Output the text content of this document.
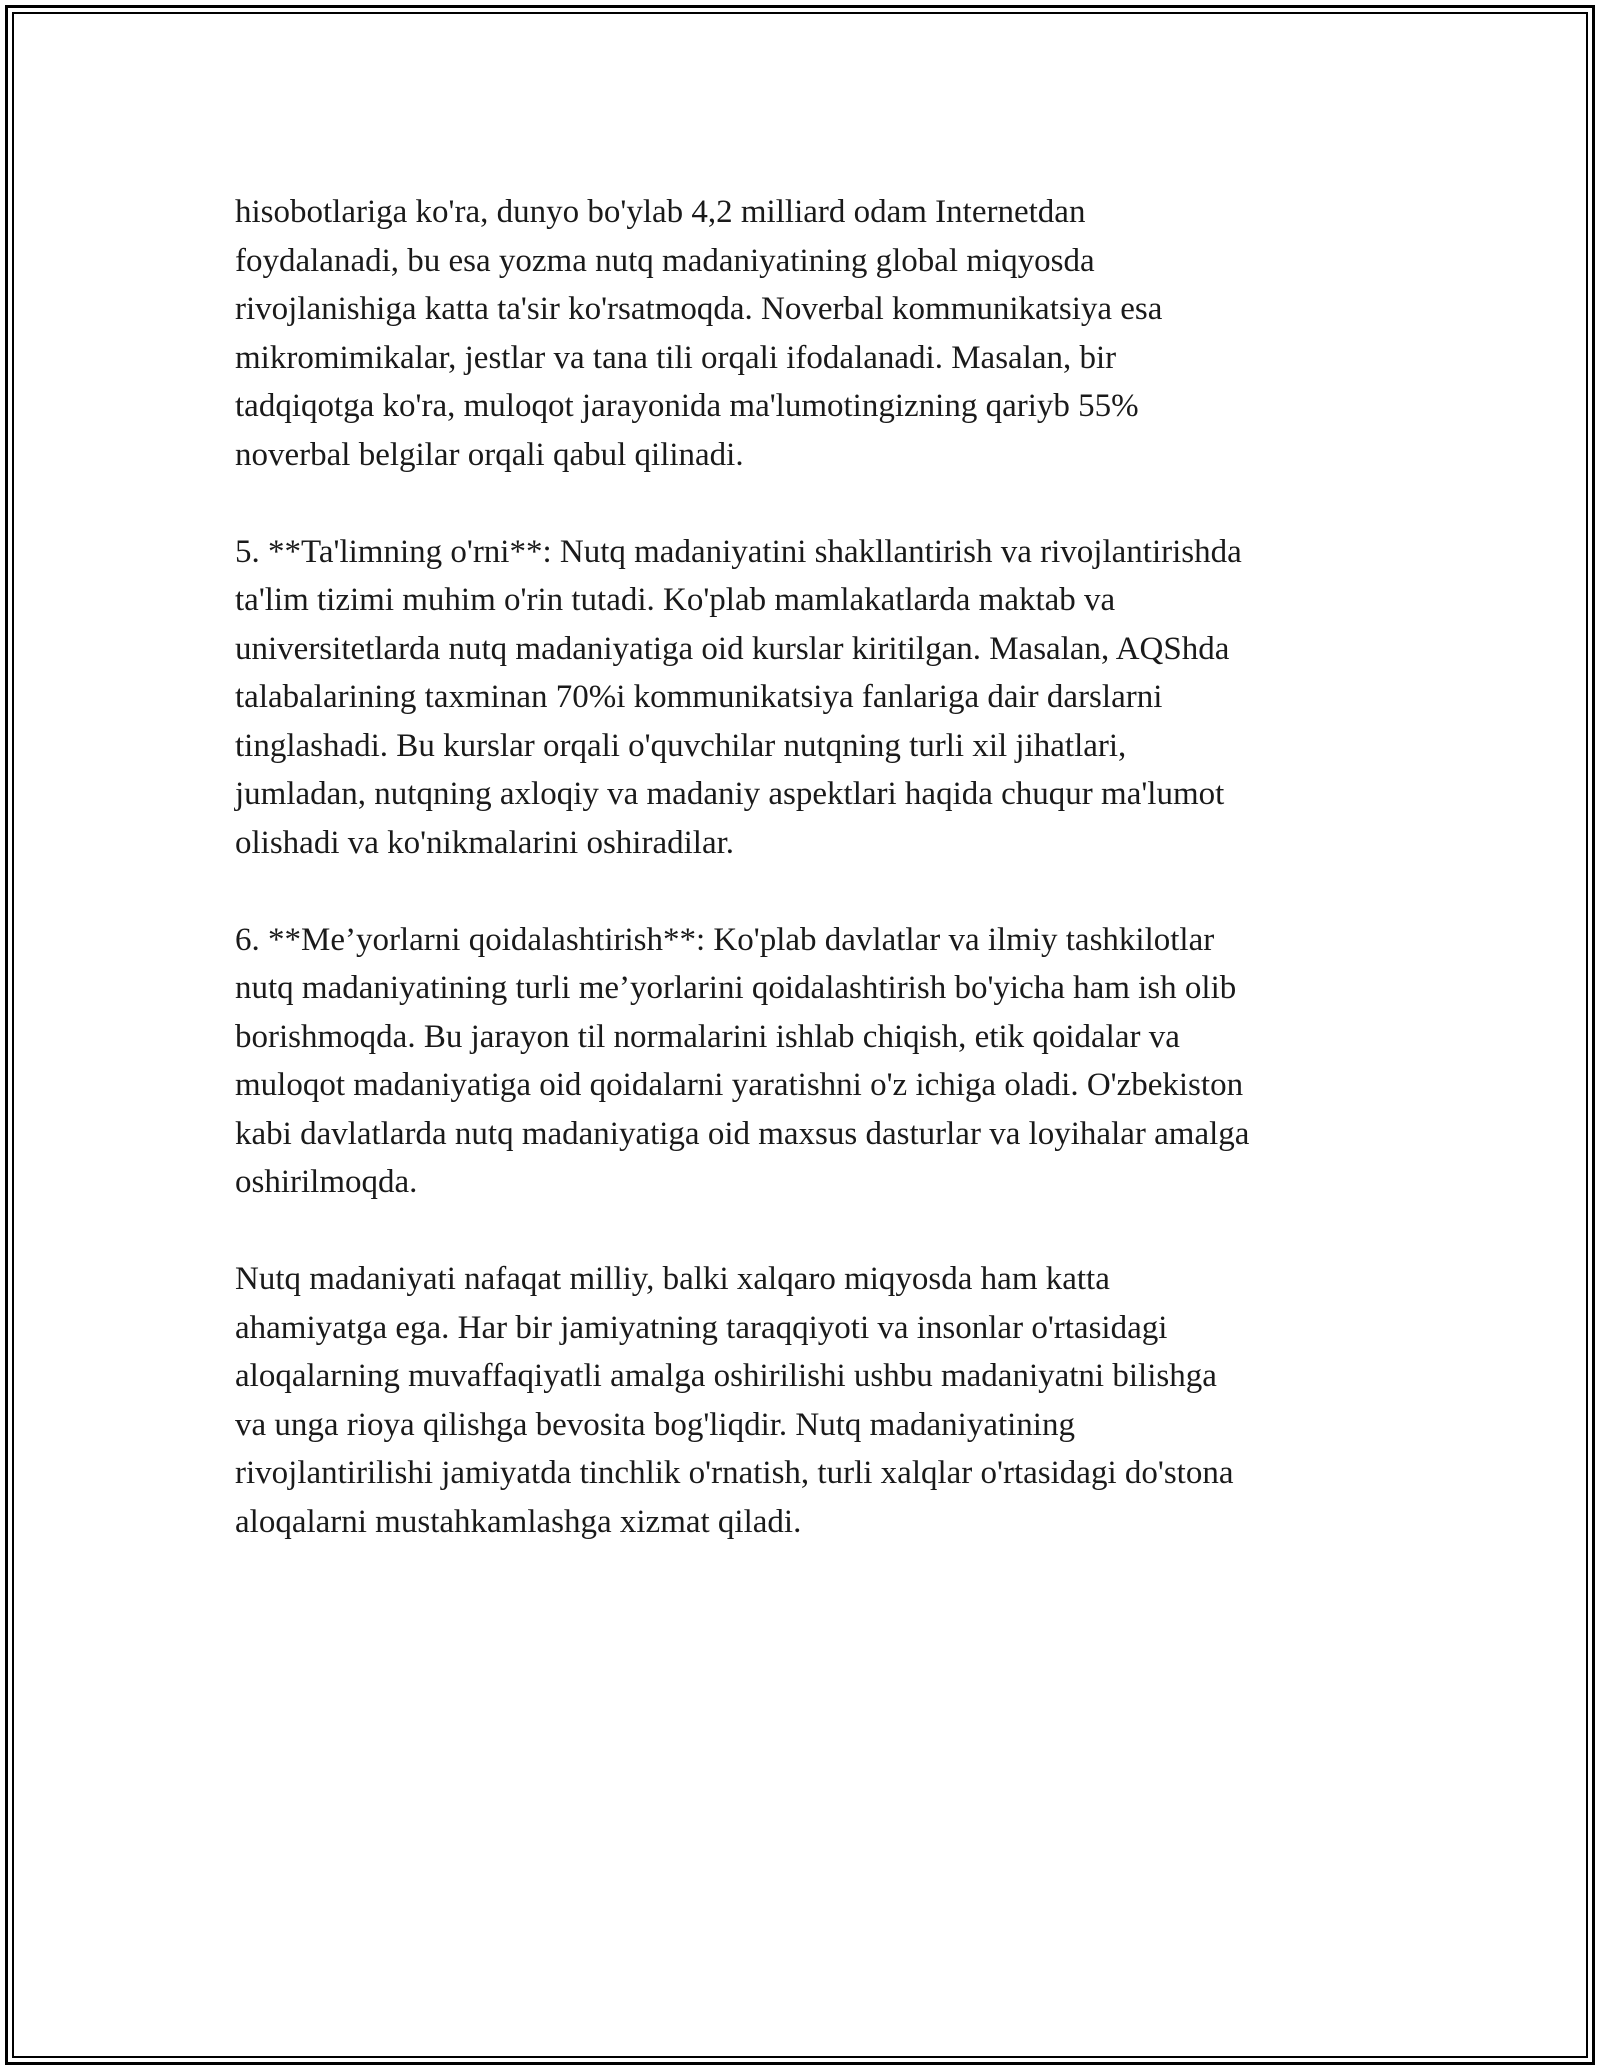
hisobotlariga ko'ra, dunyo bo'ylab 4,2 milliard odam Internetdan
foydalanadi, bu esa yozma nutq madaniyatining global miqyosda
rivojlanishiga katta ta'sir ko'rsatmoqda. Noverbal kommunikatsiya esa
mikromimikalar, jestlar va tana tili orqali ifodalanadi. Masalan, bir
tadqiqotga ko'ra, muloqot jarayonida ma'lumotingizning qariyb 55%
noverbal belgilar orqali qabul qilinadi.

5. **Ta'limning o'rni**: Nutq madaniyatini shakllantirish va rivojlantirishda
ta'lim tizimi muhim o'rin tutadi. Ko'plab mamlakatlarda maktab va
universitetlarda nutq madaniyatiga oid kurslar kiritilgan. Masalan, AQShda
talabalarining taxminan 70%i kommunikatsiya fanlariga dair darslarni
tinglashadi. Bu kurslar orqali o'quvchilar nutqning turli xil jihatlari,
jumladan, nutqning axloqiy va madaniy aspektlari haqida chuqur ma'lumot
olishadi va ko'nikmalarini oshiradilar.

6. **Me’yorlarni qoidalashtirish**: Ko'plab davlatlar va ilmiy tashkilotlar
nutq madaniyatining turli me’yorlarini qoidalashtirish bo'yicha ham ish olib
borishmoqda. Bu jarayon til normalarini ishlab chiqish, etik qoidalar va
muloqot madaniyatiga oid qoidalarni yaratishni o'z ichiga oladi. O'zbekiston
kabi davlatlarda nutq madaniyatiga oid maxsus dasturlar va loyihalar amalga
oshirilmoqda.

Nutq madaniyati nafaqat milliy, balki xalqaro miqyosda ham katta
ahamiyatga ega. Har bir jamiyatning taraqqiyoti va insonlar o'rtasidagi
aloqalarning muvaffaqiyatli amalga oshirilishi ushbu madaniyatni bilishga
va unga rioya qilishga bevosita bog'liqdir. Nutq madaniyatining
rivojlantirilishi jamiyatda tinchlik o'rnatish, turli xalqlar o'rtasidagi do'stona
aloqalarni mustahkamlashga xizmat qiladi.
